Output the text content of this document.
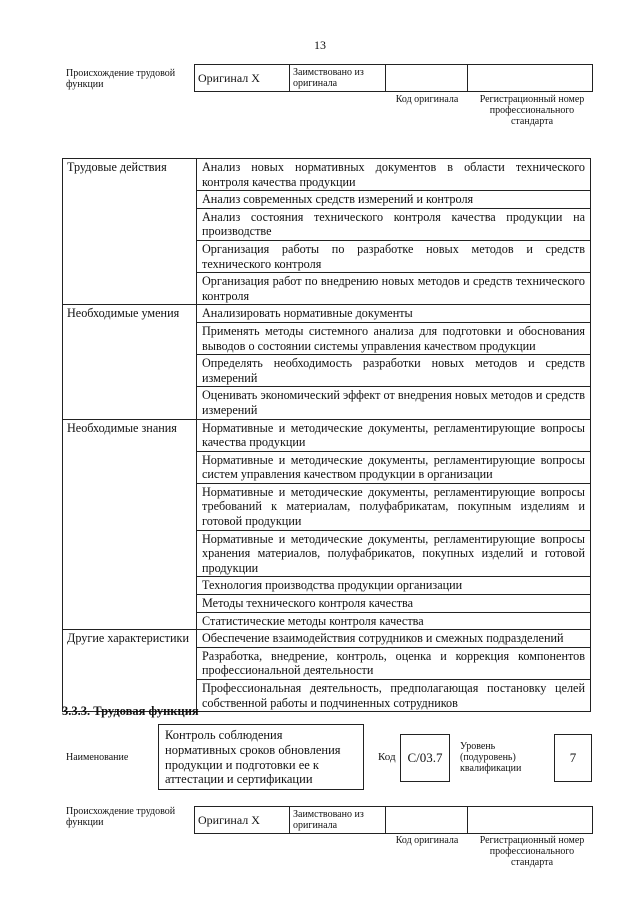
13
Происхождение трудовой функции	Оригинал X	Заимствовано из оригинала
Код оригинала	Регистрационный номер профессионального стандарта
Трудовые действия	Анализ новых нормативных документов в области технического контроля качества продукции
	Анализ современных средств измерений и контроля
	Анализ состояния технического контроля качества продукции на производстве
	Организация работы по разработке новых методов и средств технического контроля
	Организация работ по внедрению новых методов и средств технического контроля
Необходимые умения	Анализировать нормативные документы
	Применять методы системного анализа для подготовки и обоснования выводов о состоянии системы управления качеством продукции
	Определять необходимость разработки новых методов и средств измерений
	Оценивать экономический эффект от внедрения новых методов и средств измерений
Необходимые знания	Нормативные и методические документы, регламентирующие вопросы качества продукции
	Нормативные и методические документы, регламентирующие вопросы систем управления качеством продукции в организации
	Нормативные и методические документы, регламентирующие вопросы требований к материалам, полуфабрикатам, покупным изделиям и готовой продукции
	Нормативные и методические документы, регламентирующие вопросы хранения материалов, полуфабрикатов, покупных изделий и готовой продукции
	Технология производства продукции организации
	Методы технического контроля качества
	Статистические методы контроля качества
Другие характеристики	Обеспечение взаимодействия сотрудников и смежных подразделений
	Разработка, внедрение, контроль, оценка и коррекция компонентов профессиональной деятельности
	Профессиональная деятельность, предполагающая постановку целей собственной работы и подчиненных сотрудников
3.3.3. Трудовая функция
Наименование
Контроль соблюдения нормативных сроков обновления продукции и подготовки ее к аттестации и сертификации
Код C/03.7
Уровень (подуровень) квалификации
7
Происхождение трудовой функции	Оригинал X	Заимствовано из оригинала
Код оригинала	Регистрационный номер профессионального стандарта
